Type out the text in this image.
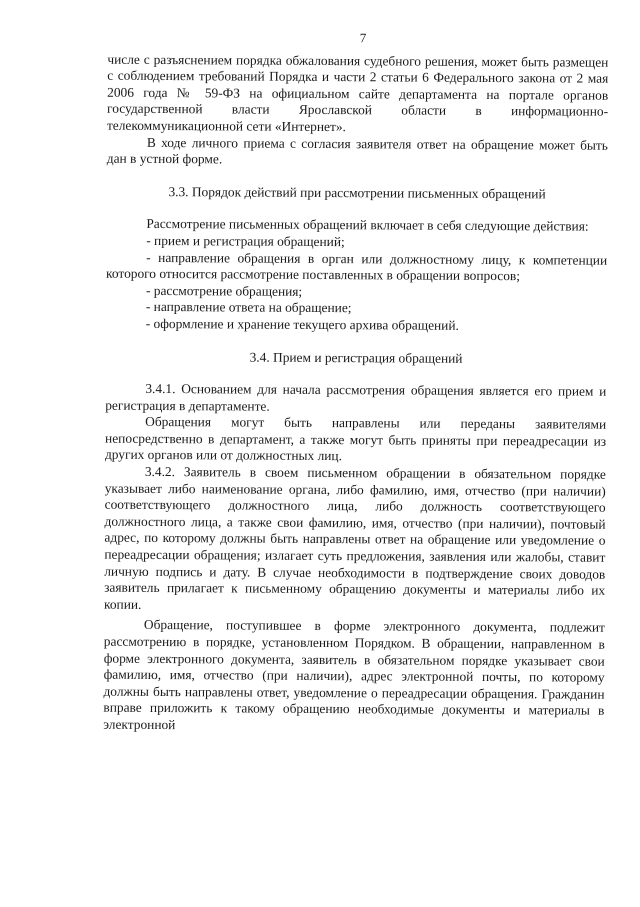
7

числе с разъяснением порядка обжалования судебного решения, может быть размещен с соблюдением требований Порядка и части 2 статьи 6 Федерального закона от 2 мая 2006 года № 59-ФЗ на официальном сайте департамента на портале органов государственной власти Ярославской области в информационно-телекоммуникационной сети «Интернет».

В ходе личного приема с согласия заявителя ответ на обращение может быть дан в устной форме.

3.3. Порядок действий при рассмотрении письменных обращений

Рассмотрение письменных обращений включает в себя следующие действия:

- прием и регистрация обращений;

- направление обращения в орган или должностному лицу, к компетенции которого относится рассмотрение поставленных в обращении вопросов;

- рассмотрение обращения;

- направление ответа на обращение;

- оформление и хранение текущего архива обращений.

3.4. Прием и регистрация обращений

3.4.1. Основанием для начала рассмотрения обращения является его прием и регистрация в департаменте.

Обращения могут быть направлены или переданы заявителями непосредственно в департамент, а также могут быть приняты при переадресации из других органов или от должностных лиц.

3.4.2. Заявитель в своем письменном обращении в обязательном порядке указывает либо наименование органа, либо фамилию, имя, отчество (при наличии) соответствующего должностного лица, либо должность соответствующего должностного лица, а также свои фамилию, имя, отчество (при наличии), почтовый адрес, по которому должны быть направлены ответ на обращение или уведомление о переадресации обращения; излагает суть предложения, заявления или жалобы, ставит личную подпись и дату. В случае необходимости в подтверждение своих доводов заявитель прилагает к письменному обращению документы и материалы либо их копии.

Обращение, поступившее в форме электронного документа, подлежит рассмотрению в порядке, установленном Порядком. В обращении, направленном в форме электронного документа, заявитель в обязательном порядке указывает свои фамилию, имя, отчество (при наличии), адрес электронной почты, по которому должны быть направлены ответ, уведомление о переадресации обращения. Гражданин вправе приложить к такому обращению необходимые документы и материалы в электронной
